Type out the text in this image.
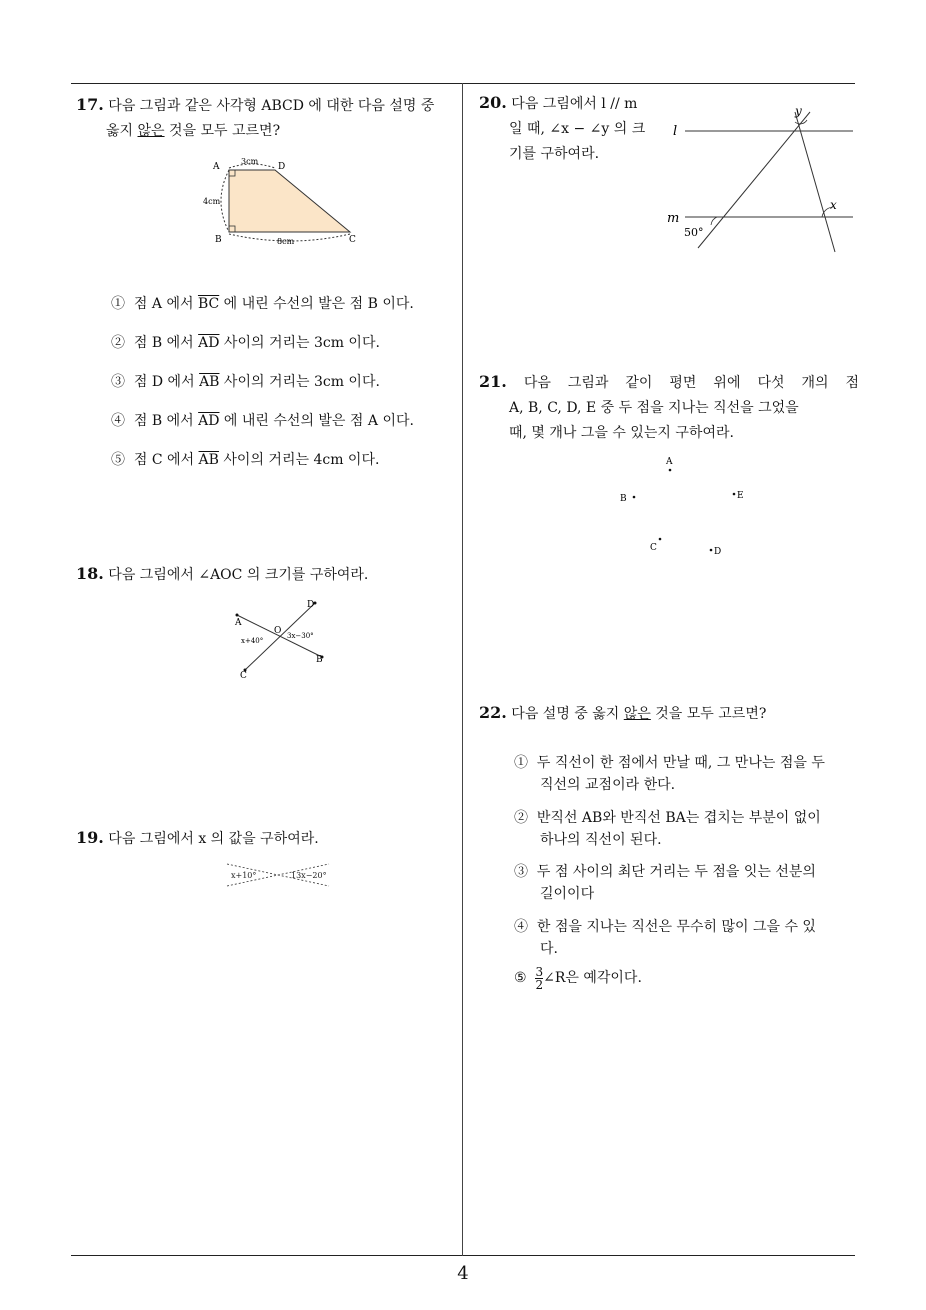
17. 다음 그림과 같은 사각형 ABCD 에 대한 다음 설명 중
옳지 않은 것을 모두 고르면?
A	D
B	C
3cm
4cm
8cm
① 점 A 에서 $\overline{BC}$ 에 내린 수선의 발은 점 B 이다.
② 점 B 에서 $\overline{AD}$ 사이의 거리는 3cm 이다.
③ 점 D 에서 $\overline{AB}$ 사이의 거리는 3cm 이다.
④ 점 B 에서 $\overline{AD}$ 에 내린 수선의 발은 점 A 이다.
⑤ 점 C 에서 $\overline{AB}$ 사이의 거리는 4cm 이다.
18. 다음 그림에서 ∠AOC 의 크기를 구하여라.
A
B
C
D
O
x+40°
3x−30°
19. 다음 그림에서 x 의 값을 구하여라.
x+10°	13x−20°
20. 다음 그림에서 l // m
일 때, ∠x − ∠y 의 크
기를 구하여라.
l
m
x
y
50°
21. 다음 그림과 같이 평면 위에 다섯 개의 점
A, B, C, D, E 중 두 점을 지나는 직선을 그었을
때, 몇 개나 그을 수 있는지 구하여라.
A
B	E
C	D
22. 다음 설명 중 옳지 않은 것을 모두 고르면?
① 두 직선이 한 점에서 만날 때, 그 만나는 점을 두
직선의 교점이라 한다.
② 반직선 AB와 반직선 BA는 겹치는 부분이 없이
하나의 직선이 된다.
③ 두 점 사이의 최단 거리는 두 점을 잇는 선분의
길이이다
④ 한 점을 지나는 직선은 무수히 많이 그을 수 있
다.
⑤ $\frac{3}{2}$ ∠R은 예각이다.
4
